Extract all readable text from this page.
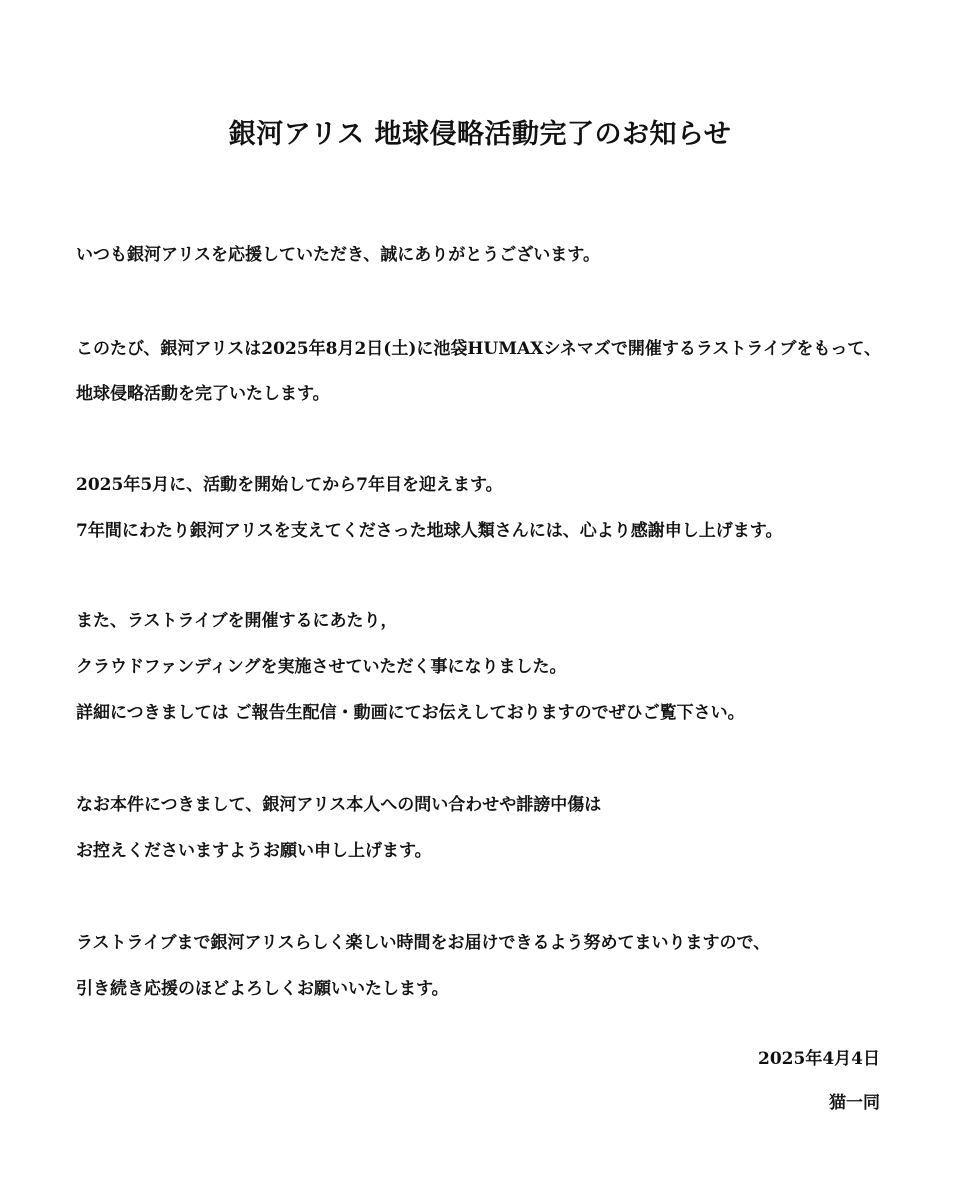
銀河アリス 地球侵略活動完了のお知らせ

いつも銀河アリスを応援していただき、誠にありがとうございます。

このたび、銀河アリスは2025年8月2日(土)に池袋HUMAXシネマズで開催するラストライブをもって、

地球侵略活動を完了いたします。

2025年5月に、活動を開始してから7年目を迎えます。

7年間にわたり銀河アリスを支えてくださった地球人類さんには、心より感謝申し上げます。

また、ラストライブを開催するにあたり，

クラウドファンディングを実施させていただく事になりました。

詳細につきましては ご報告生配信・動画にてお伝えしておりますのでぜひご覧下さい。

なお本件につきまして、銀河アリス本人への問い合わせや誹謗中傷は

お控えくださいますようお願い申し上げます。

ラストライブまで銀河アリスらしく楽しい時間をお届けできるよう努めてまいりますので、

引き続き応援のほどよろしくお願いいたします。

2025年4月4日

猫一同
